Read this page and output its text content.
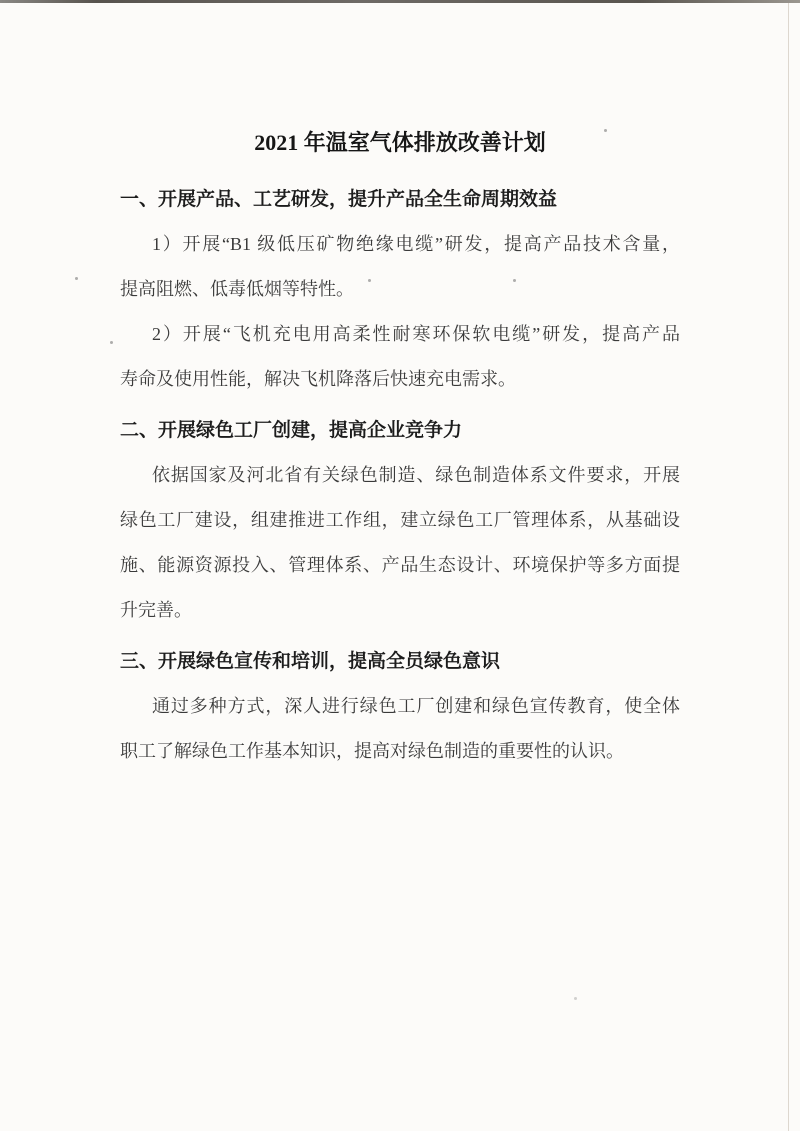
2021 年温室气体排放改善计划
一、开展产品、工艺研发，提升产品全生命周期效益
1）开展“B1 级低压矿物绝缘电缆”研发，提高产品技术含量，
提高阻燃、低毒低烟等特性。
2）开展“飞机充电用高柔性耐寒环保软电缆”研发，提高产品
寿命及使用性能，解决飞机降落后快速充电需求。
二、开展绿色工厂创建，提高企业竞争力
依据国家及河北省有关绿色制造、绿色制造体系文件要求，开展
绿色工厂建设，组建推进工作组，建立绿色工厂管理体系，从基础设
施、能源资源投入、管理体系、产品生态设计、环境保护等多方面提
升完善。
三、开展绿色宣传和培训，提高全员绿色意识
通过多种方式，深人进行绿色工厂创建和绿色宣传教育，使全体
职工了解绿色工作基本知识，提高对绿色制造的重要性的认识。
